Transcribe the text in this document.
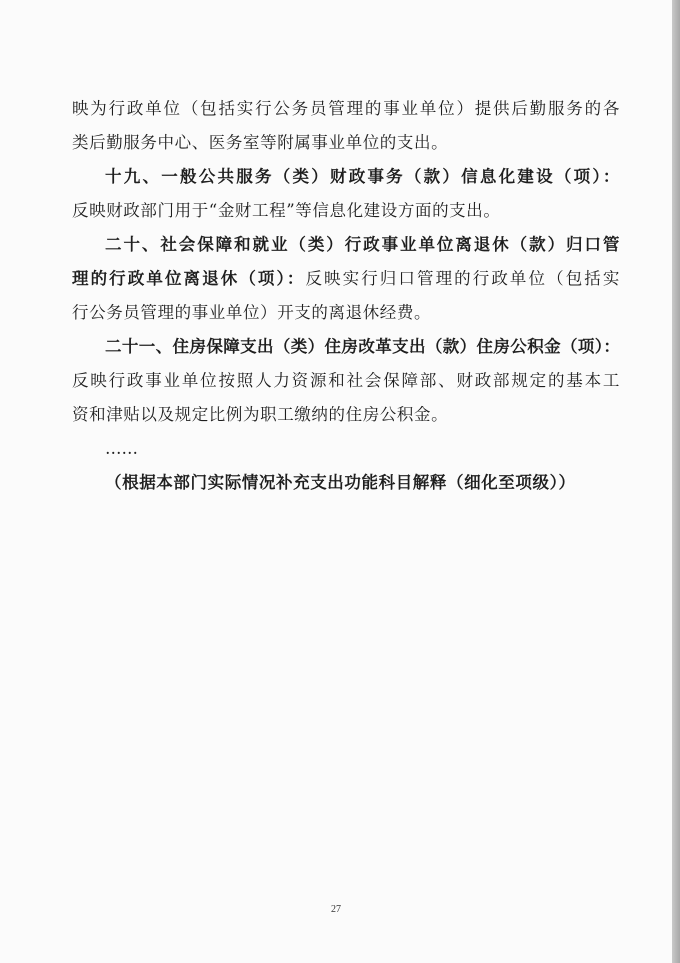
映为行政单位（包括实行公务员管理的事业单位）提供后勤服务的各
类后勤服务中心、医务室等附属事业单位的支出。
十九、一般公共服务（类）财政事务（款）信息化建设（项）：
反映财政部门用于“金财工程”等信息化建设方面的支出。
二十、社会保障和就业（类）行政事业单位离退休（款）归口管
理的行政单位离退休（项）：反映实行归口管理的行政单位（包括实
行公务员管理的事业单位）开支的离退休经费。
二十一、住房保障支出（类）住房改革支出（款）住房公积金（项）：
反映行政事业单位按照人力资源和社会保障部、财政部规定的基本工
资和津贴以及规定比例为职工缴纳的住房公积金。
……
（根据本部门实际情况补充支出功能科目解释（细化至项级））
27
